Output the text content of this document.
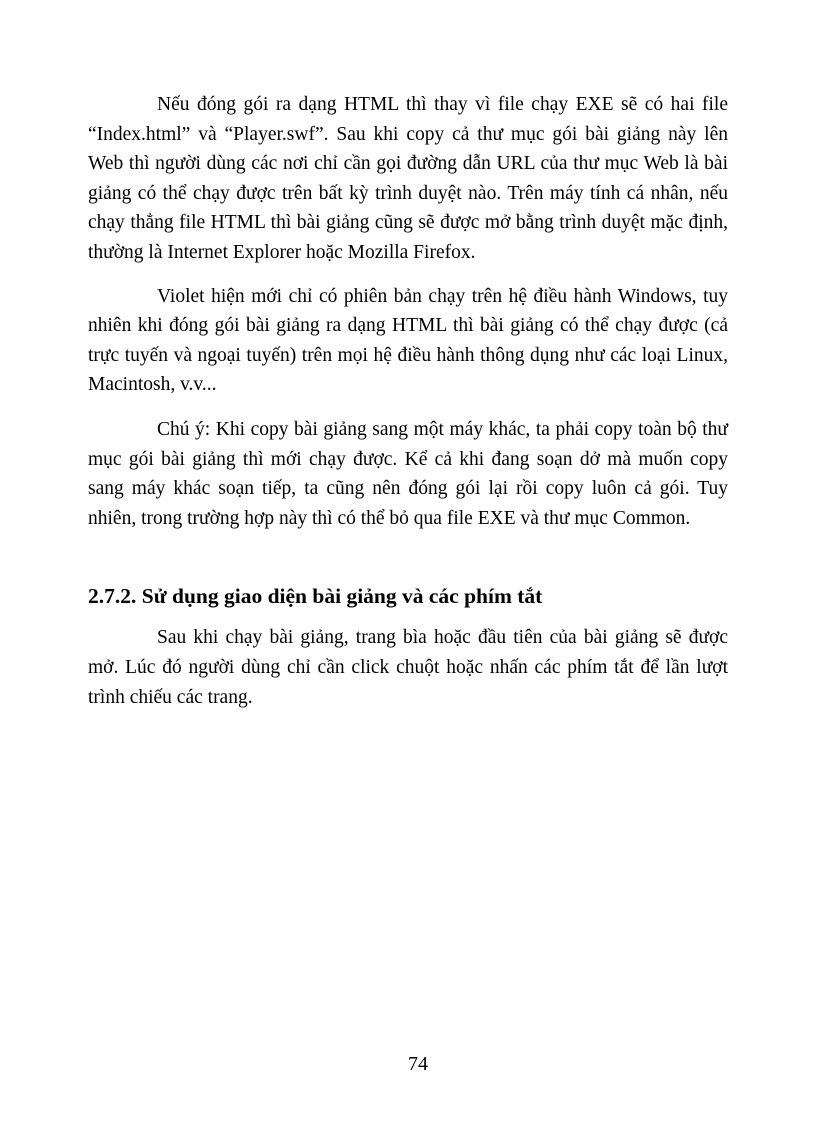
Nếu đóng gói ra dạng HTML thì thay vì file chạy EXE sẽ có hai file “Index.html” và “Player.swf”. Sau khi copy cả thư mục gói bài giảng này lên Web thì người dùng các nơi chỉ cần gọi đường dẫn URL của thư mục Web là bài giảng có thể chạy được trên bất kỳ trình duyệt nào. Trên máy tính cá nhân, nếu chạy thẳng file HTML thì bài giảng cũng sẽ được mở bằng trình duyệt mặc định, thường là Internet Explorer hoặc Mozilla Firefox.

Violet hiện mới chỉ có phiên bản chạy trên hệ điều hành Windows, tuy nhiên khi đóng gói bài giảng ra dạng HTML thì bài giảng có thể chạy được (cả trực tuyến và ngoại tuyến) trên mọi hệ điều hành thông dụng như các loại Linux, Macintosh, v.v...

Chú ý: Khi copy bài giảng sang một máy khác, ta phải copy toàn bộ thư mục gói bài giảng thì mới chạy được. Kể cả khi đang soạn dở mà muốn copy sang máy khác soạn tiếp, ta cũng nên đóng gói lại rồi copy luôn cả gói. Tuy nhiên, trong trường hợp này thì có thể bỏ qua file EXE và thư mục Common.

2.7.2. Sử dụng giao diện bài giảng và các phím tắt

Sau khi chạy bài giảng, trang bìa hoặc đầu tiên của bài giảng sẽ được mở. Lúc đó người dùng chỉ cần click chuột hoặc nhấn các phím tắt để lần lượt trình chiếu các trang.

74
